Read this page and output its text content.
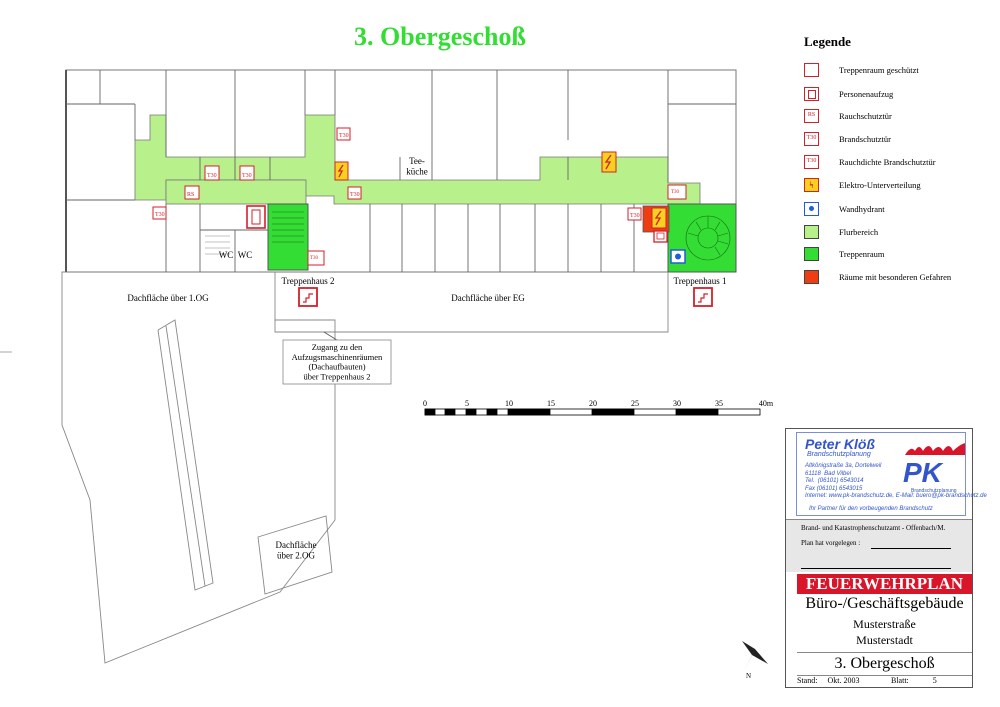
3. Obergeschoß
T30
T30	T30
T30
T30
T30
RS
T30
T30
Tee-küche
WC WC
Treppenhaus 1
Treppenhaus 2
Dachfläche über 1.OG	Dachfläche über EG
Dachfläche über 2.OG
Zugang zu den Aufzugsmaschinenräumen (Dachaufbauten) über Treppenhaus 2
0	5	10	15	20	25	30	35	40m
N
Legende
Treppenraum geschützt
Personenaufzug
RS	Rauchschutztür
T30	Brandschutztür
T30	Rauchdichte Brandschutztür
ϟ	Elektro-Unterverteilung
Wandhydrant
Flurbereich
Treppenraum
Räume mit besonderen Gefahren
Peter Klöß
Brandschutzplanung
Altkönigstraße 3a, Dortelweil
61118  Bad Vilbel
Tel.  (06101) 6543014
Fax (06101) 6543015
Internet: www.pk-brandschutz.de, E-Mail: buero@pk-brandschutz.de
PK
Brandschutzplanung
Ihr Partner für den vorbeugenden Brandschutz
Brand- und Katastrophenschutzamt - Offenbach/M.
Plan hat vorgelegen :
FEUERWEHRPLAN
Büro-/Geschäftsgebäude
Musterstraße
Musterstadt
3. Obergeschoß
Stand: Okt. 2003	Blatt:	5
